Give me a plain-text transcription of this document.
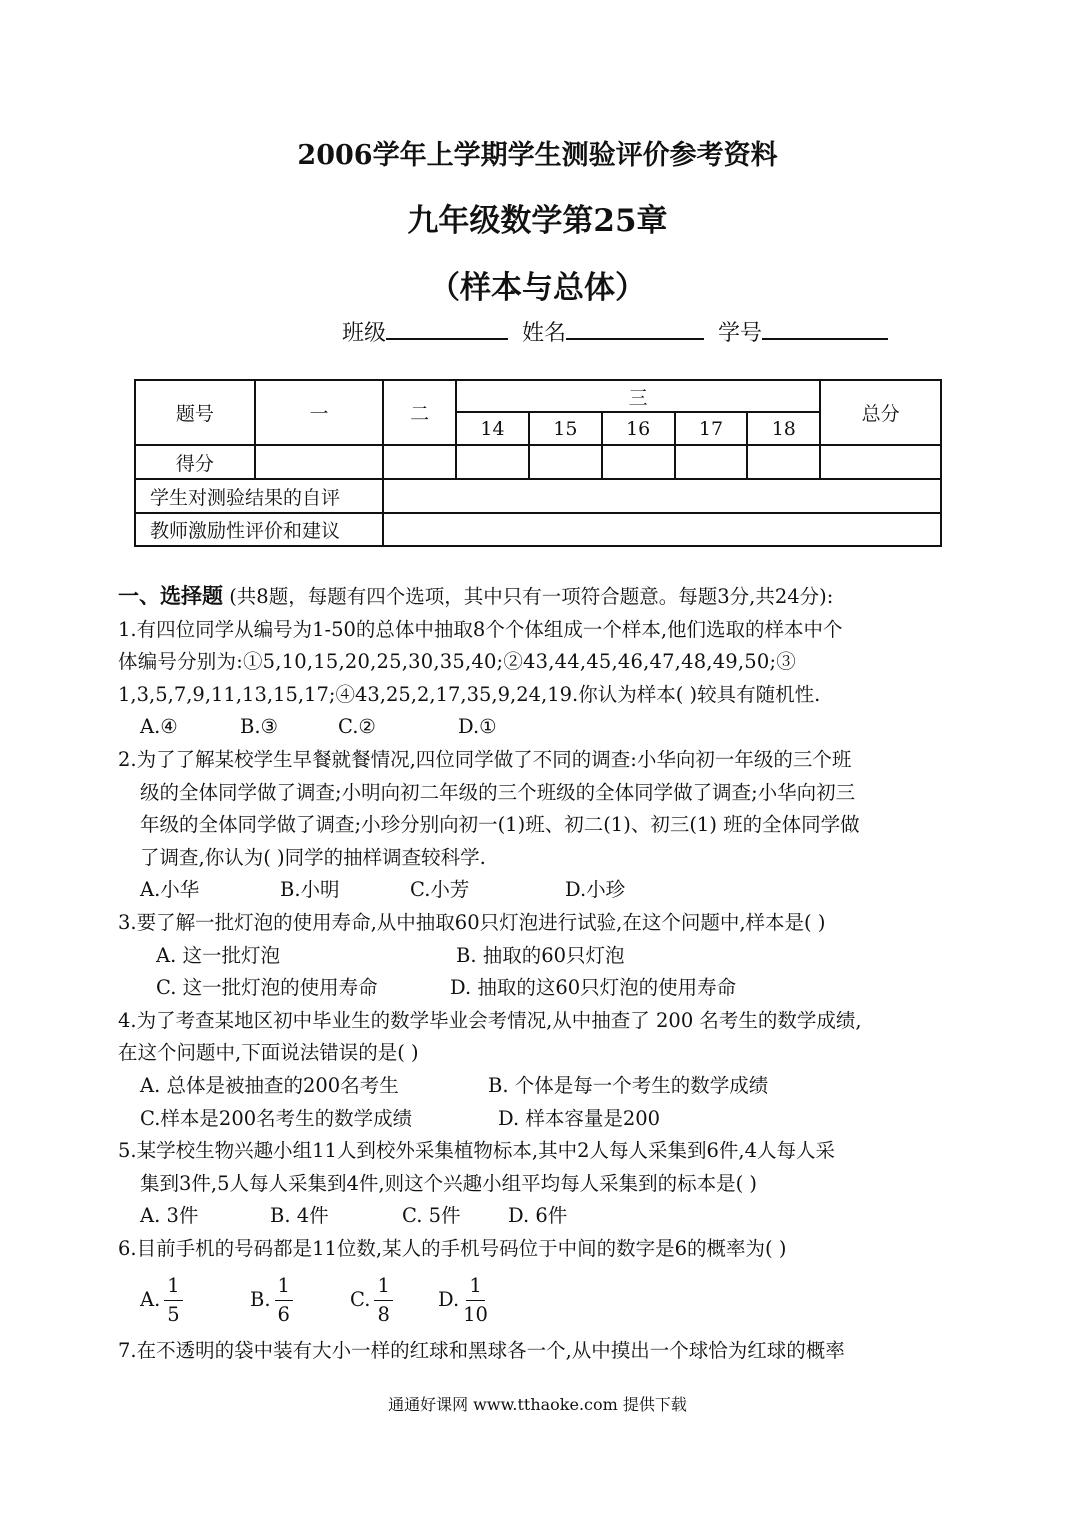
2006学年上学期学生测验评价参考资料
九年级数学第25章
（样本与总体）
班级	姓名	学号
题号	一	二	三					总分
			14	15	16	17	18	
得分								
学生对测验结果的自评								
教师激励性评价和建议								
一、选择题 (共8题，每题有四个选项，其中只有一项符合题意。每题3分,共24分):
1.有四位同学从编号为1-50的总体中抽取8个个体组成一个样本,他们选取的样本中个
体编号分别为:①5,10,15,20,25,30,35,40;②43,44,45,46,47,48,49,50;③
1,3,5,7,9,11,13,15,17;④43,25,2,17,35,9,24,19.你认为样本( )较具有随机性.
A.④	B.③	C.②	D.①
2.为了了解某校学生早餐就餐情况,四位同学做了不同的调查:小华向初一年级的三个班
级的全体同学做了调查;小明向初二年级的三个班级的全体同学做了调查;小华向初三
年级的全体同学做了调查;小珍分别向初一(1)班、初二(1)、初三(1) 班的全体同学做
了调查,你认为( )同学的抽样调查较科学.
A.小华	B.小明	C.小芳	D.小珍
3.要了解一批灯泡的使用寿命,从中抽取60只灯泡进行试验,在这个问题中,样本是( )
A. 这一批灯泡	B. 抽取的60只灯泡
C. 这一批灯泡的使用寿命	D. 抽取的这60只灯泡的使用寿命
4.为了考查某地区初中毕业生的数学毕业会考情况,从中抽查了 200 名考生的数学成绩,
在这个问题中,下面说法错误的是( )
A. 总体是被抽查的200名考生	B. 个体是每一个考生的数学成绩
C.样本是200名考生的数学成绩	D. 样本容量是200
5.某学校生物兴趣小组11人到校外采集植物标本,其中2人每人采集到6件,4人每人采
集到3件,5人每人采集到4件,则这个兴趣小组平均每人采集到的标本是( )
A. 3件	B. 4件	C. 5件	D. 6件
6.目前手机的号码都是11位数,某人的手机号码位于中间的数字是6的概率为( )
A. $\frac{1}{5}$	B. $\frac{1}{6}$	C. $\frac{1}{8} D$. $\frac{1}{10}$
7.在不透明的袋中装有大小一样的红球和黑球各一个,从中摸出一个球恰为红球的概率
通通好课网 www.tthaoke.com 提供下载
